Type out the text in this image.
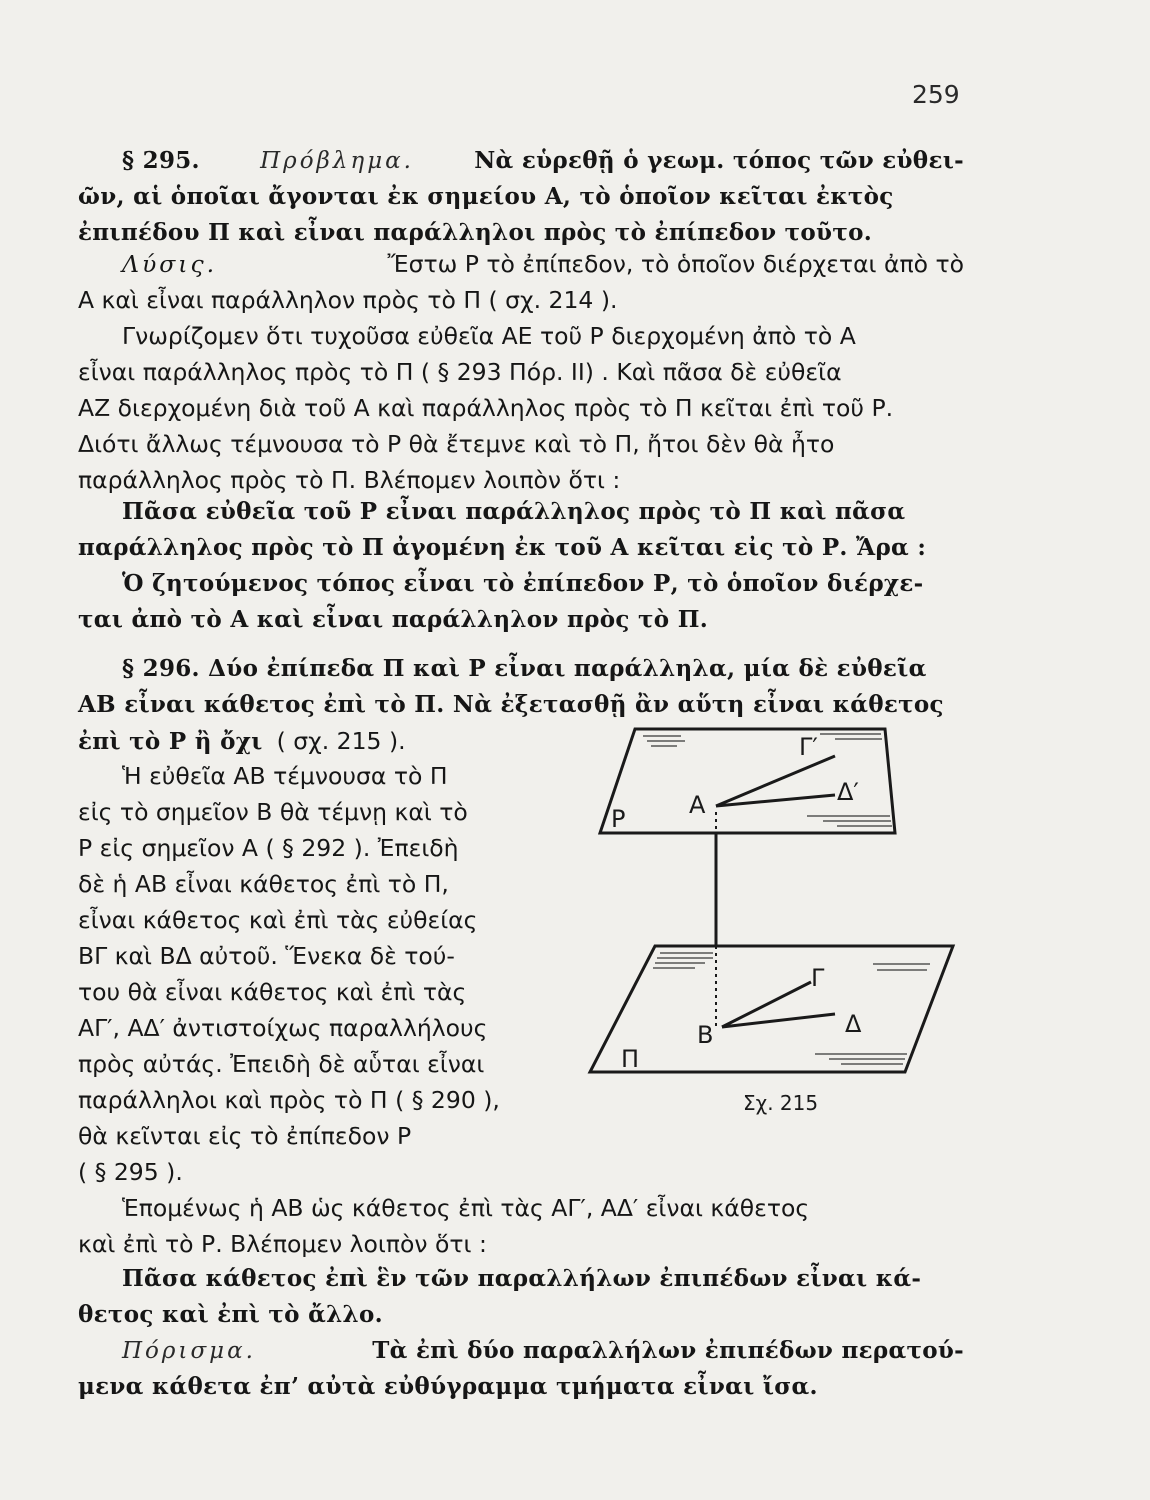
259
§ 295.	Πρόβλημα.	Νὰ εὑρεθῇ ὁ γεωμ. τόπος τῶν εὐθει-
ῶν, αἱ ὁποῖαι ἄγονται ἐκ σημείου Α, τὸ ὁποῖον κεῖται ἐκτὸς
ἐπιπέδου Π καὶ εἶναι παράλληλοι πρὸς τὸ ἐπίπεδον τοῦτο.
Λύσις.	Ἔστω Ρ τὸ ἐπίπεδον, τὸ ὁποῖον διέρχεται ἀπὸ τὸ
Α καὶ εἶναι παράλληλον πρὸς τὸ Π ( σχ. 214 ).
Γνωρίζομεν ὅτι τυχοῦσα εὐθεῖα ΑΕ τοῦ Ρ διερχομένη ἀπὸ τὸ Α
εἶναι παράλληλος πρὸς τὸ Π ( § 293 Πόρ. ΙΙ) . Καὶ πᾶσα δὲ εὐθεῖα
ΑΖ διερχομένη διὰ τοῦ Α καὶ παράλληλος πρὸς τὸ Π κεῖται ἐπὶ τοῦ Ρ.
Διότι ἄλλως τέμνουσα τὸ Ρ θὰ ἔτεμνε καὶ τὸ Π, ἤτοι δὲν θὰ ἦτο
παράλληλος πρὸς τὸ Π. Βλέπομεν λοιπὸν ὅτι :
Πᾶσα εὐθεῖα τοῦ Ρ εἶναι παράλληλος πρὸς τὸ Π καὶ πᾶσα
παράλληλος πρὸς τὸ Π ἀγομένη ἐκ τοῦ Α κεῖται εἰς τὸ Ρ. Ἄρα :
Ὁ ζητούμενος τόπος εἶναι τὸ ἐπίπεδον Ρ, τὸ ὁποῖον διέρχε-
ται ἀπὸ τὸ Α καὶ εἶναι παράλληλον πρὸς τὸ Π.
§ 296. Δύο ἐπίπεδα Π καὶ Ρ εἶναι παράλληλα, μία δὲ εὐθεῖα
ΑΒ εἶναι κάθετος ἐπὶ τὸ Π. Νὰ ἐξετασθῇ ἂν αὕτη εἶναι κάθετος
ἐπὶ τὸ Ρ ἢ ὄχι ( σχ. 215 ).
Ἡ εὐθεῖα ΑΒ τέμνουσα τὸ Π
εἰς τὸ σημεῖον Β θὰ τέμνῃ καὶ τὸ
Ρ εἰς σημεῖον Α ( § 292 ). Ἐπειδὴ
δὲ ἡ ΑΒ εἶναι κάθετος ἐπὶ τὸ Π,
εἶναι κάθετος καὶ ἐπὶ τὰς εὐθείας
ΒΓ καὶ ΒΔ αὐτοῦ. Ἕνεκα δὲ τού-
του θὰ εἶναι κάθετος καὶ ἐπὶ τὰς
ΑΓ′, ΑΔ′ ἀντιστοίχως παραλλήλους
πρὸς αὐτάς. Ἐπειδὴ δὲ αὗται εἶναι
παράλληλοι καὶ πρὸς τὸ Π ( § 290 ),
θὰ κεῖνται εἰς τὸ ἐπίπεδον Ρ
( § 295 ).
Ἑπομένως ἡ ΑΒ ὡς κάθετος ἐπὶ τὰς ΑΓ′, ΑΔ′ εἶναι κάθετος
καὶ ἐπὶ τὸ Ρ. Βλέπομεν λοιπὸν ὅτι :
Πᾶσα κάθετος ἐπὶ ἓν τῶν παραλλήλων ἐπιπέδων εἶναι κά-
θετος καὶ ἐπὶ τὸ ἄλλο.
Πόρισμα.	Τὰ ἐπὶ δύο παραλλήλων ἐπιπέδων περατού-
μενα κάθετα ἐπ’ αὐτὰ εὐθύγραμμα τμήματα εἶναι ἴσα.
Α
Γ′
Δ′
Ρ
Β
Γ
Δ
Π
Σχ. 215
